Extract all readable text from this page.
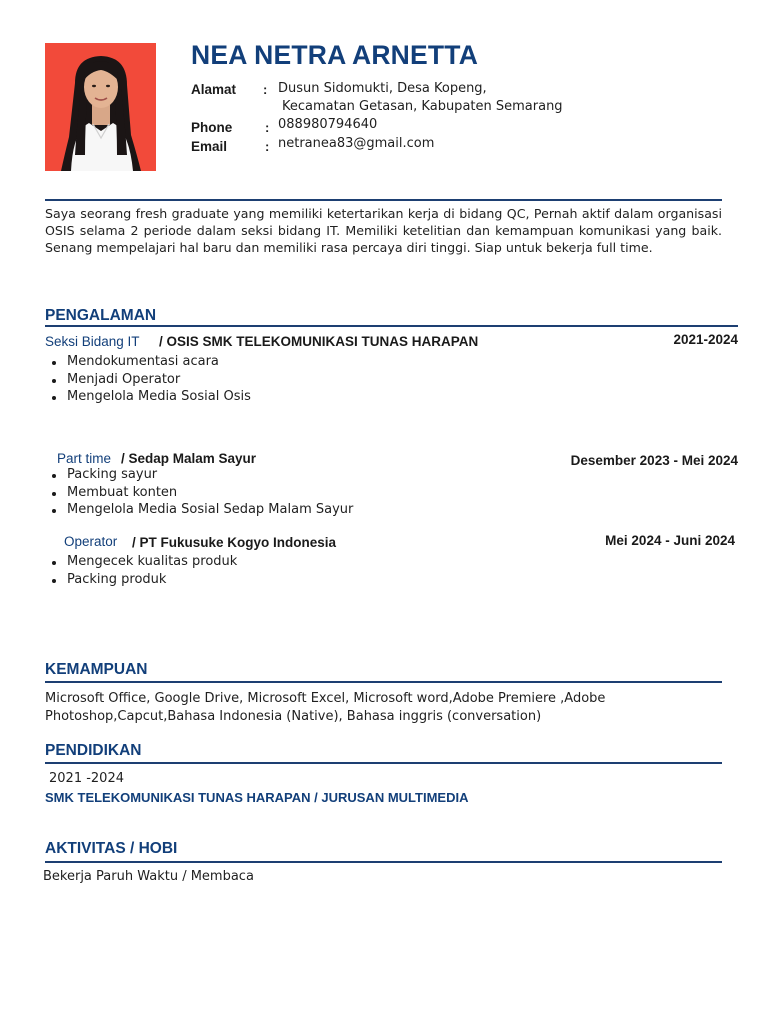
NEA NETRA ARNETTA
Alamat : Dusun Sidomukti, Desa Kopeng,
Kecamatan Getasan, Kabupaten Semarang
Phone	: 088980794640
Email	: netranea83@gmail.com
Saya seorang fresh graduate yang memiliki ketertarikan kerja di bidang QC, Pernah aktif dalam organisasi OSIS selama 2 periode dalam seksi bidang IT. Memiliki ketelitian dan kemampuan komunikasi yang baik. Senang mempelajari hal baru dan memiliki rasa percaya diri tinggi. Siap untuk bekerja full time.
PENGALAMAN
Seksi Bidang IT / OSIS SMK TELEKOMUNIKASI TUNAS HARAPAN	2021-2024
Mendokumentasi acara
Menjadi Operator
Mengelola Media Sosial Osis
Part time / Sedap Malam Sayur	Desember 2023 - Mei 2024
Packing sayur
Membuat konten
Mengelola Media Sosial Sedap Malam Sayur
Operator / PT Fukusuke Kogyo Indonesia	Mei 2024 - Juni 2024
Mengecek kualitas produk
Packing produk
KEMAMPUAN
Microsoft Office, Google Drive, Microsoft Excel, Microsoft word,Adobe Premiere ,Adobe Photoshop,Capcut,Bahasa Indonesia (Native), Bahasa inggris (conversation)
PENDIDIKAN
2021 -2024
SMK TELEKOMUNIKASI TUNAS HARAPAN / JURUSAN MULTIMEDIA
AKTIVITAS / HOBI
Bekerja Paruh Waktu / Membaca
